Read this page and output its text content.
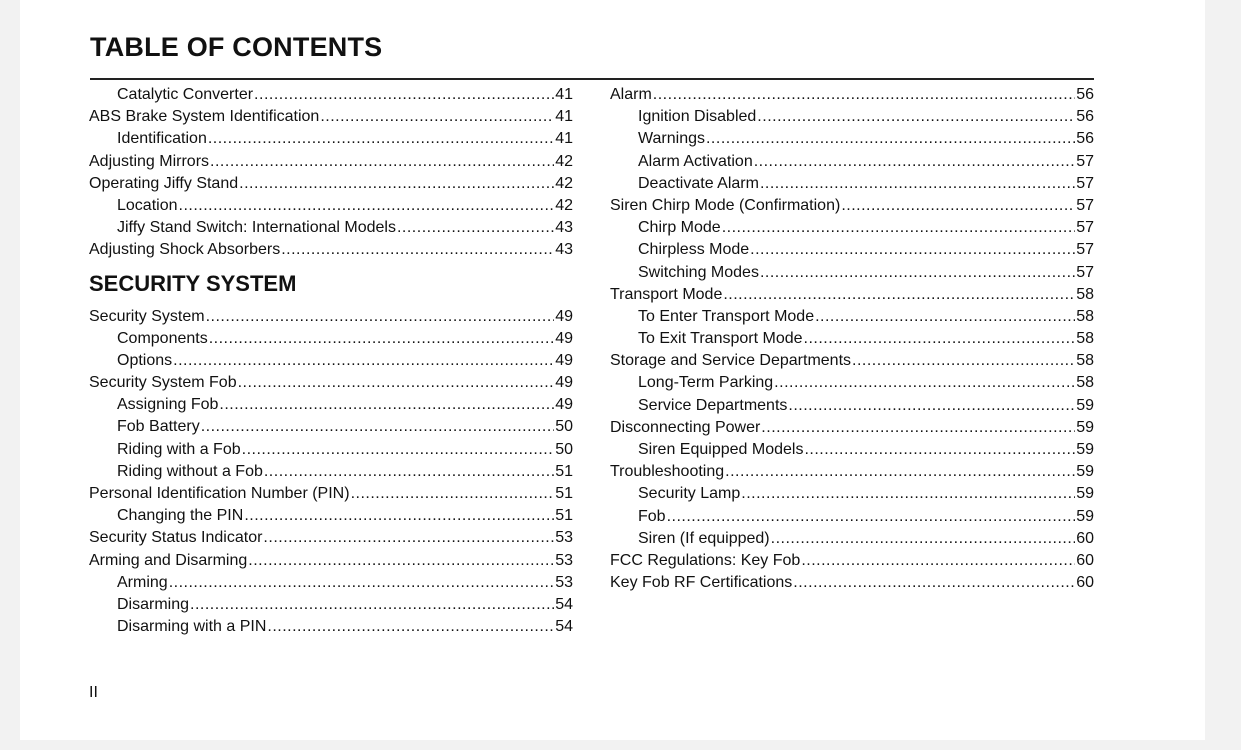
TABLE OF CONTENTS
Catalytic Converter .....	41
ABS Brake System Identification .....	41
Identification .....	41
Adjusting Mirrors .....	42
Operating Jiffy Stand .....	42
Location .....	42
Jiffy Stand Switch: International Models .....	43
Adjusting Shock Absorbers .....	43
SECURITY SYSTEM
Security System .....	49
Components .....	49
Options .....	49
Security System Fob .....	49
Assigning Fob .....	49
Fob Battery .....	50
Riding with a Fob .....	50
Riding without a Fob .....	51
Personal Identification Number (PIN) .....	51
Changing the PIN .....	51
Security Status Indicator .....	53
Arming and Disarming .....	53
Arming .....	53
Disarming .....	54
Disarming with a PIN .....	54
Alarm .....	56
Ignition Disabled .....	56
Warnings .....	56
Alarm Activation .....	57
Deactivate Alarm .....	57
Siren Chirp Mode (Confirmation) .....	57
Chirp Mode .....	57
Chirpless Mode .....	57
Switching Modes .....	57
Transport Mode .....	58
To Enter Transport Mode .....	58
To Exit Transport Mode .....	58
Storage and Service Departments .....	58
Long-Term Parking .....	58
Service Departments .....	59
Disconnecting Power .....	59
Siren Equipped Models .....	59
Troubleshooting .....	59
Security Lamp .....	59
Fob .....	59
Siren (If equipped) .....	60
FCC Regulations: Key Fob .....	60
Key Fob RF Certifications .....	60
II
